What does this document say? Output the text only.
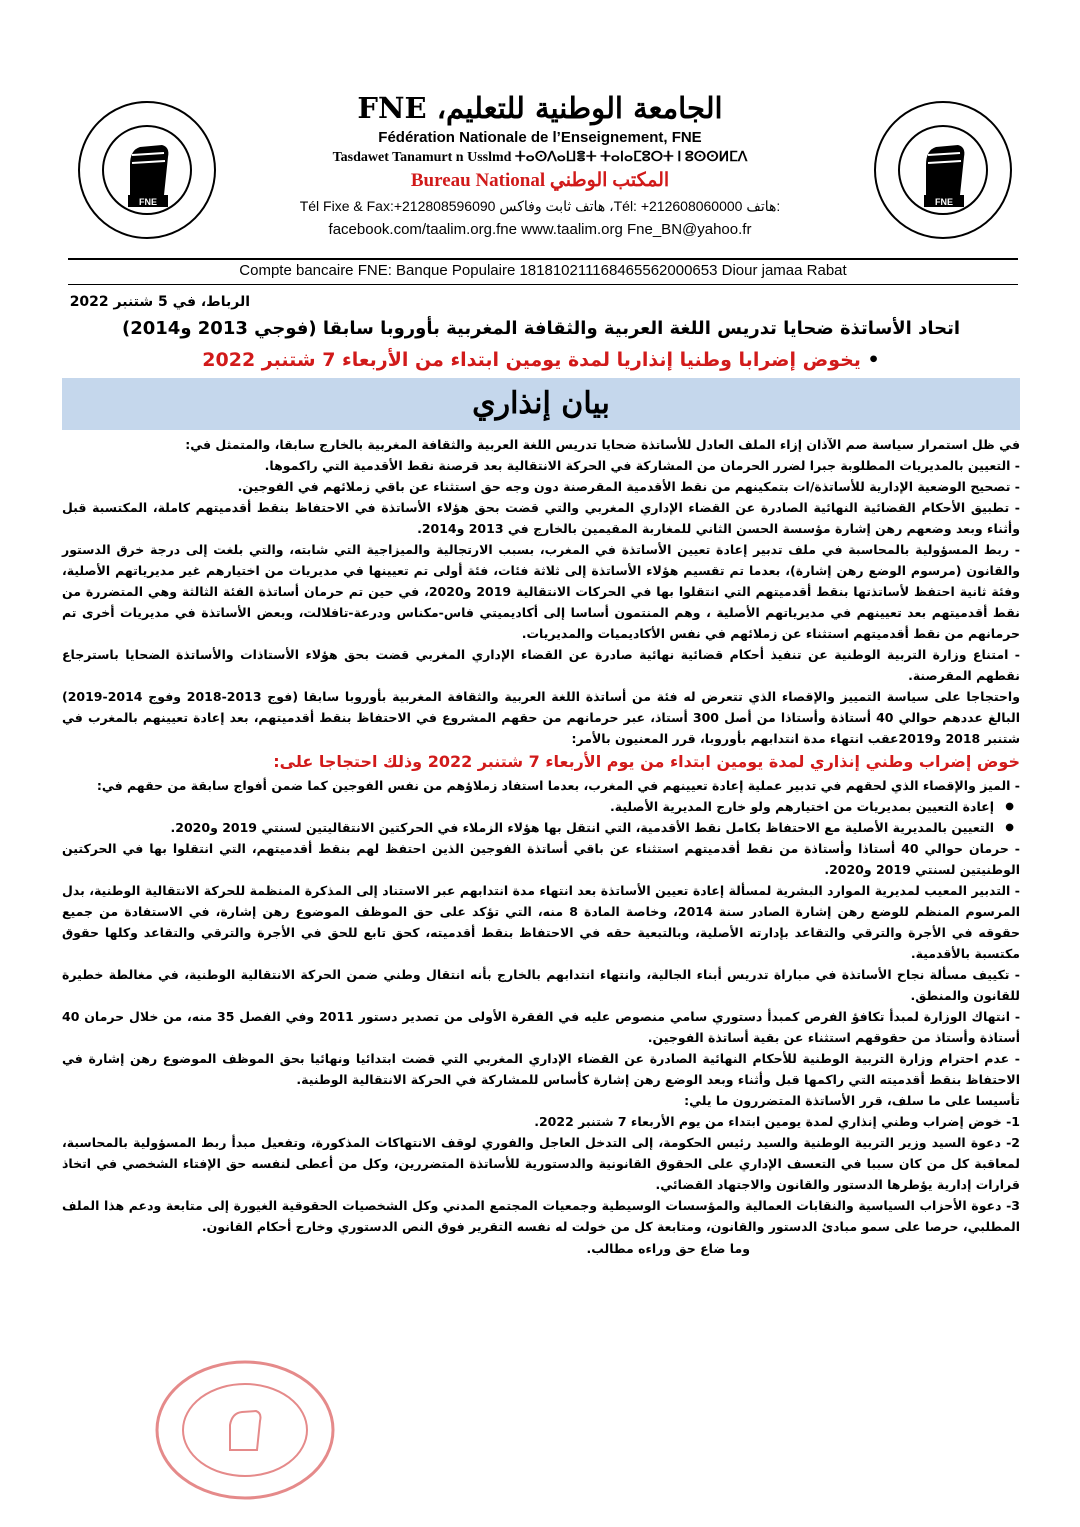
FNE	FNE
الجامعة الوطنية للتعليم، FNE
Fédération Nationale de l’Enseignement, FNE
Tasdawet Tanamurt n Usslmd ⵜⴰⵙⴷⴰⵡⴻⵜ ⵜⴰⵏⴰⵎⵓⵔⵜ ⵏ ⵓⵙⵙⵍⵎⴷ
Bureau National المكتب الوطني
Tél Fixe & Fax:+212808596090 هاتف ثابت وفاكس ،Tél: +212608060000 هاتف:
facebook.com/taalim.org.fne www.taalim.org Fne_BN@yahoo.fr
Compte bancaire FNE: Banque Populaire 181810211168465562000653 Diour jamaa Rabat
الرباط، في 5 شتنبر 2022
اتحاد الأساتذة ضحايا تدريس اللغة العربية والثقافة المغربية بأوروبا سابقا (فوجي 2013 و2014)
• يخوض إضرابا وطنيا إنذاريا لمدة يومين ابتداء من الأربعاء 7 شتنبر 2022
بيان إنذاري

في ظل استمرار سياسة صم الآذان إزاء الملف العادل للأساتذة ضحايا تدريس اللغة العربية والثقافة المغربية بالخارج سابقا، والمتمثل في:

- التعيين بالمديريات المطلوبة جبرا لضرر الحرمان من المشاركة في الحركة الانتقالية بعد قرصنة نقط الأقدمية التي راكموها.
- تصحيح الوضعية الإدارية للأساتذة/ات بتمكينهم من نقط الأقدمية المقرصنة دون وجه حق استثناء عن باقي زملائهم في الفوجين.
- تطبيق الأحكام القضائية النهائية الصادرة عن القضاء الإداري المغربي والتي قضت بحق هؤلاء الأساتذة في الاحتفاظ بنقط أقدميتهم كاملة، المكتسبة قبل وأثناء وبعد وضعهم رهن إشارة مؤسسة الحسن الثاني للمغاربة المقيمين بالخارج في 2013 و2014.
- ربط المسؤولية بالمحاسبة في ملف تدبير إعادة تعيين الأساتذة في المغرب، بسبب الارتجالية والميزاجية التي شابته، والتي بلغت إلى درجة خرق الدستور والقانون (مرسوم الوضع رهن إشارة)، بعدما تم تقسيم هؤلاء الأساتذة إلى ثلاثة فئات، فئة أولى تم تعيينها في مديريات من اختيارهم غير مديرياتهم الأصلية، وفئة ثانية احتفظ لأساتذتها بنقط أقدميتهم التي انتقلوا بها في الحركات الانتقالية 2019 و2020، في حين تم حرمان أساتذة الفئة الثالثة وهي المتضررة من نقط أقدميتهم بعد تعيينهم في مديرياتهم الأصلية ، وهم المنتمون أساسا إلى أكاديميتي فاس-مكناس ودرعة-تافلالت، وبعض الأساتذة في مديريات أخرى تم حرمانهم من نقط أقدميتهم استثناء عن زملائهم في نفس الأكاديميات والمديريات.
- امتناع وزارة التربية الوطنية عن تنفيذ أحكام قضائية نهائية صادرة عن القضاء الإداري المغربي قضت بحق هؤلاء الأستاذات والأساتذة الضحايا باسترجاع نقطهم المقرصنة.

واحتجاجا على سياسة التمييز والإقصاء الذي تتعرض له فئة من أساتذة اللغة العربية والثقافة المغربية بأوروبا سابقا (فوج 2013-2018 وفوج 2014-2019) البالغ عددهم حوالي 40 أستاذة وأستاذا من أصل 300 أستاذ، عبر حرمانهم من حقهم المشروع في الاحتفاظ بنقط أقدميتهم، بعد إعادة تعيينهم بالمغرب في شتنبر 2018 و2019عقب انتهاء مدة انتدابهم بأوروبا، قرر المعنيون بالأمر:

خوض إضراب وطني إنذاري لمدة يومين ابتداء من يوم الأربعاء 7 شتنبر 2022 وذلك احتجاجا على:
- الميز والإقصاء الذي لحقهم في تدبير عملية إعادة تعيينهم في المغرب، بعدما استفاد زملاؤهم من نفس الفوجين كما ضمن أفواج سابقة من حقهم في:
● إعادة التعيين بمديريات من اختيارهم ولو خارج المديرية الأصلية.
● التعيين بالمديرية الأصلية مع الاحتفاظ بكامل نقط الأقدمية، التي انتقل بها هؤلاء الزملاء في الحركتين الانتقاليتين لسنتي 2019 و2020.
- حرمان حوالي 40 أستاذا وأستاذة من نقط أقدميتهم استثناء عن باقي أساتذة الفوجين الذين احتفظ لهم بنقط أقدميتهم، التي انتقلوا بها في الحركتين الوطنيتين لسنتي 2019 و2020.
- التدبير المعيب لمديرية الموارد البشرية لمسألة إعادة تعيين الأساتذة بعد انتهاء مدة انتدابهم عبر الاستناد إلى المذكرة المنظمة للحركة الانتقالية الوطنية، بدل المرسوم المنظم للوضع رهن إشارة الصادر سنة 2014، وخاصة المادة 8 منه، التي تؤكد على حق الموظف الموضوع رهن إشارة، في الاستفادة من جميع حقوقه في الأجرة والترقي والتقاعد بإدارته الأصلية، وبالتبعية حقه في الاحتفاظ بنقط أقدميته، كحق تابع للحق في الأجرة والترقي والتقاعد وكلها حقوق مكتسبة بالأقدمية.
- تكييف مسألة نجاح الأساتذة في مباراة تدريس أبناء الجالية، وانتهاء انتدابهم بالخارج بأنه انتقال وطني ضمن الحركة الانتقالية الوطنية، في مغالطة خطيرة للقانون والمنطق.
- انتهاك الوزارة لمبدأ تكافؤ الفرص كمبدأ دستوري سامي منصوص عليه في الفقرة الأولى من تصدير دستور 2011 وفي الفصل 35 منه، من خلال حرمان 40 أستاذة وأستاذ من حقوقهم استثناء عن بقية أساتذة الفوجين.
- عدم احترام وزارة التربية الوطنية للأحكام النهائية الصادرة عن القضاء الإداري المغربي التي قضت ابتدائيا ونهائيا بحق الموظف الموضوع رهن إشارة في الاحتفاظ بنقط أقدميته التي راكمها قبل وأثناء وبعد الوضع رهن إشارة كأساس للمشاركة في الحركة الانتقالية الوطنية.
تأسيسا على ما سلف، قرر الأساتذة المتضررون ما يلي:
1- خوض إضراب وطني إنذاري لمدة يومين ابتداء من يوم الأربعاء 7 شتنبر 2022.
2- دعوة السيد وزير التربية الوطنية والسيد رئيس الحكومة، إلى التدخل العاجل والفوري لوقف الانتهاكات المذكورة، وتفعيل مبدأ ربط المسؤولية بالمحاسبة، لمعاقبة كل من كان سببا في التعسف الإداري على الحقوق القانونية والدستورية للأساتذة المتضررين، وكل من أعطى لنفسه حق الإفتاء الشخصي في اتخاذ قرارات إدارية يؤطرها الدستور والقانون والاجتهاد القضائي.
3- دعوة الأحزاب السياسية والنقابات العمالية والمؤسسات الوسيطية وجمعيات المجتمع المدني وكل الشخصيات الحقوقية الغيورة إلى متابعة ودعم هذا الملف المطلبي، حرصا على سمو مبادئ الدستور والقانون، ومتابعة كل من خولت له نفسه التقرير فوق النص الدستوري وخارج أحكام القانون.
وما ضاع حق وراءه مطالب.
